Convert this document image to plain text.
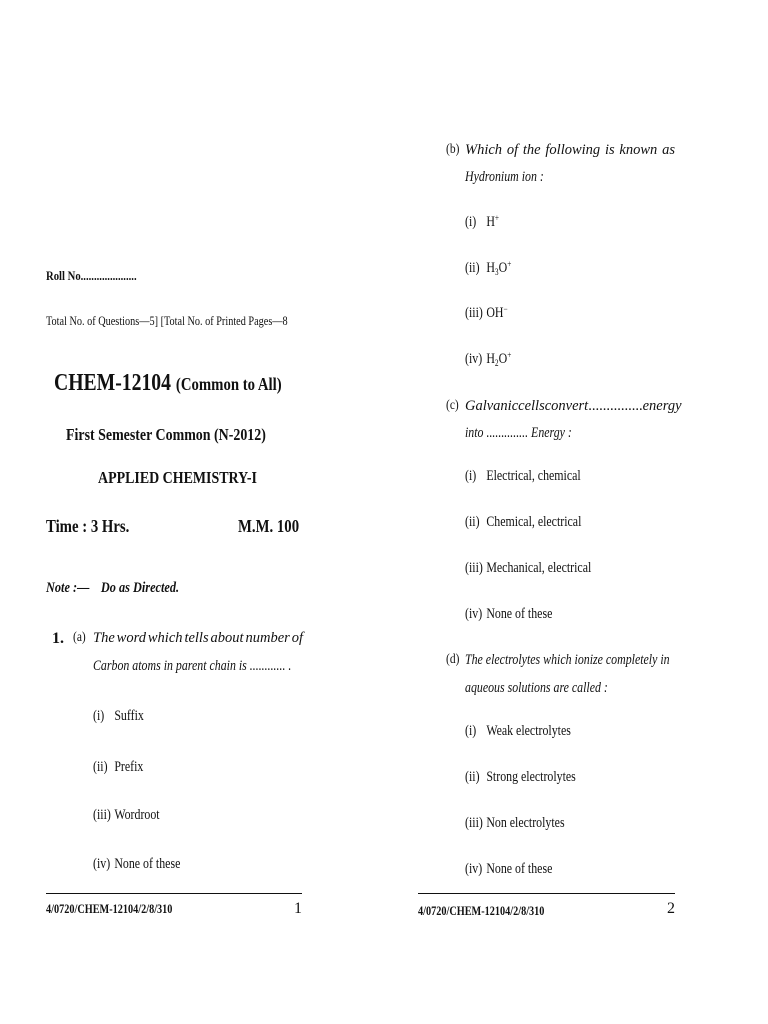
Roll No.....................
Total No. of Questions—5] [Total No. of Printed Pages—8
CHEM-12104 (Common to All)
First Semester Common (N-2012)
APPLIED CHEMISTRY-I
Time : 3 Hrs.	M.M. 100
Note :— Do as Directed.
1. (a) The word which tells about number of
Carbon atoms in parent chain is ............ .
(i) Suffix
(ii) Prefix
(iii) Wordroot
(iv) None of these
4/0720/CHEM-12104/2/8/310	1
(b) Which of the following is known as
Hydronium ion :
(i) H+
(ii) $H_3O^+$
(iii) OH−
(iv) $H_2O^+$
(c) Galvanic cells convert ............... energy
into .............. Energy :
(i) Electrical, chemical
(ii) Chemical, electrical
(iii) Mechanical, electrical
(iv) None of these
(d) The electrolytes which ionize completely in
aqueous solutions are called :
(i) Weak electrolytes
(ii) Strong electrolytes
(iii) Non electrolytes
(iv) None of these
4/0720/CHEM-12104/2/8/310	2
